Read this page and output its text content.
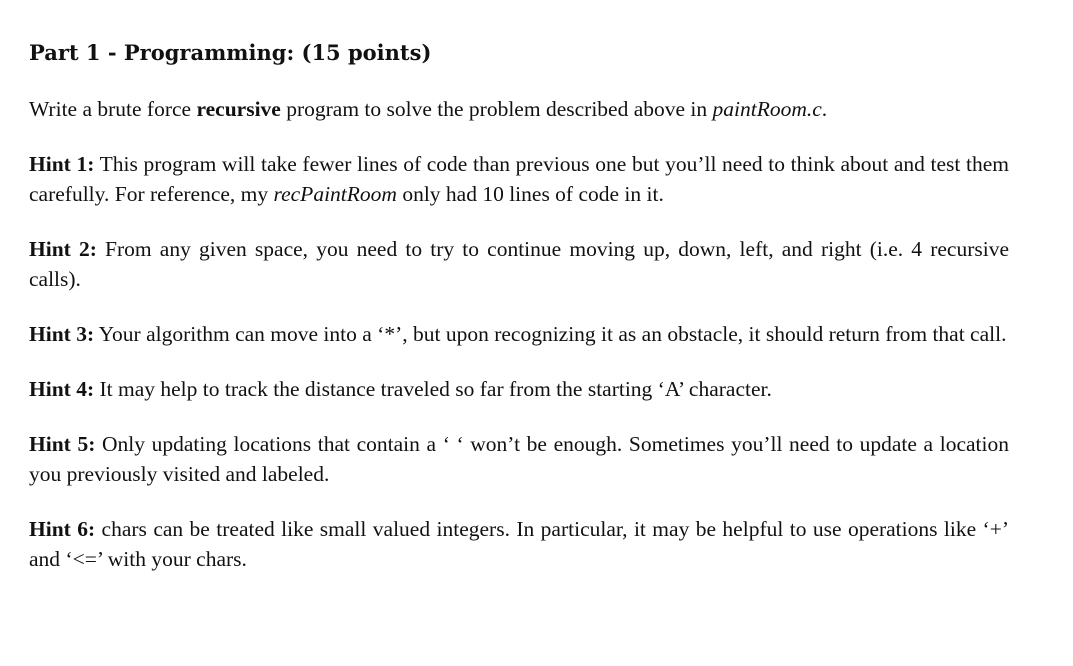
Part 1 - Programming: (15 points)

Write a brute force recursive program to solve the problem described above in paintRoom.c.

Hint 1: This program will take fewer lines of code than previous one but you’ll need to think about and test them carefully. For reference, my recPaintRoom only had 10 lines of code in it.

Hint 2: From any given space, you need to try to continue moving up, down, left, and right (i.e. 4 recursive calls).

Hint 3: Your algorithm can move into a ‘*’, but upon recognizing it as an obstacle, it should return from that call.

Hint 4: It may help to track the distance traveled so far from the starting ‘A’ character.

Hint 5: Only updating locations that contain a ‘ ‘ won’t be enough. Sometimes you’ll need to update a location you previously visited and labeled.

Hint 6: chars can be treated like small valued integers. In particular, it may be helpful to use operations like ‘+’ and ‘<=’ with your chars.
